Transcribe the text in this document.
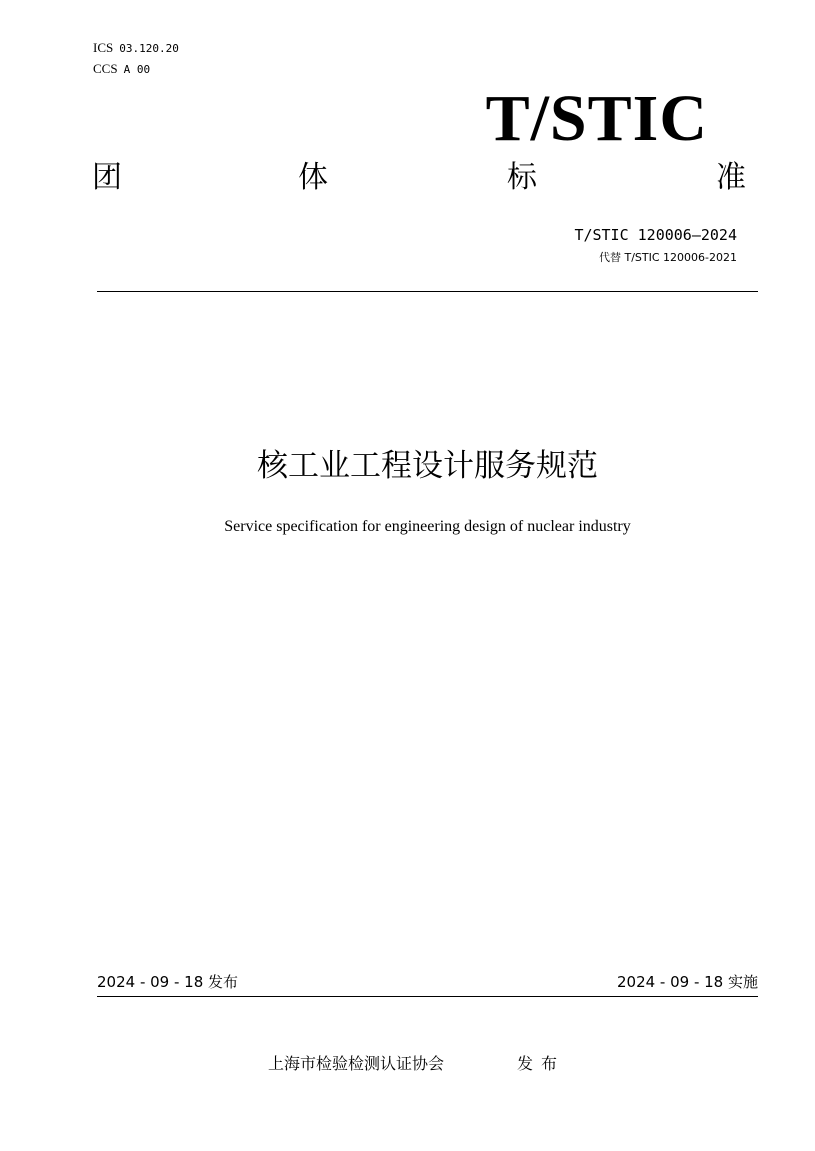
ICS 03.120.20
CCS A 00
T/STIC
团	体	标	准
T/STIC 120006—2024
代替 T/STIC 120006-2021
核工业工程设计服务规范
Service specification for engineering design of nuclear industry
2024 - 09 - 18 发布	2024 - 09 - 18 实施
上海市检验检测认证协会	发布
